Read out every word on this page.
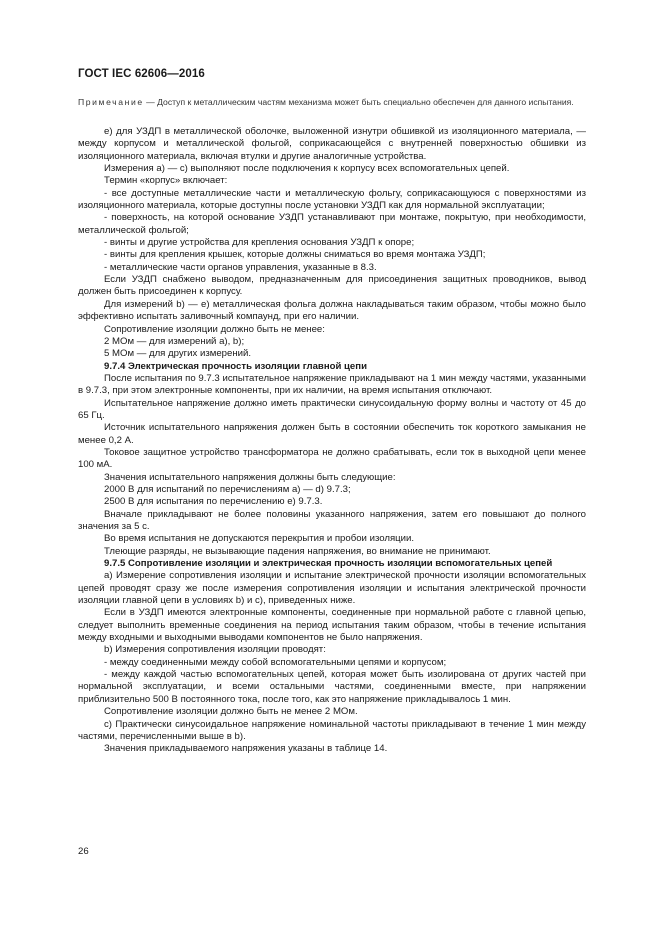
ГОСТ IEC 62606—2016
Примечание — Доступ к металлическим частям механизма может быть специально обеспечен для данного испытания.

е) для УЗДП в металлической оболочке, выложенной изнутри обшивкой из изоляционного материала, — между корпусом и металлической фольгой, соприкасающейся с внутренней поверхностью обшивки из изоляционного материала, включая втулки и другие аналогичные устройства.

Измерения а) — с) выполняют после подключения к корпусу всех вспомогательных цепей.

Термин «корпус» включает:

- все доступные металлические части и металлическую фольгу, соприкасающуюся с поверхностями из изоляционного материала, которые доступны после установки УЗДП как для нормальной эксплуатации;

- поверхность, на которой основание УЗДП устанавливают при монтаже, покрытую, при необходимости, металлической фольгой;

- винты и другие устройства для крепления основания УЗДП к опоре;

- винты для крепления крышек, которые должны сниматься во время монтажа УЗДП;

- металлические части органов управления, указанные в 8.3.

Если УЗДП снабжено выводом, предназначенным для присоединения защитных проводников, вывод должен быть присоединен к корпусу.

Для измерений b) — е) металлическая фольга должна накладываться таким образом, чтобы можно было эффективно испытать заливочный компаунд, при его наличии.

Сопротивление изоляции должно быть не менее:

2 МОм — для измерений а), b);

5 МОм — для других измерений.

9.7.4 Электрическая прочность изоляции главной цепи

После испытания по 9.7.3 испытательное напряжение прикладывают на 1 мин между частями, указанными в 9.7.3, при этом электронные компоненты, при их наличии, на время испытания отключают.

Испытательное напряжение должно иметь практически синусоидальную форму волны и частоту от 45 до 65 Гц.

Источник испытательного напряжения должен быть в состоянии обеспечить ток короткого замыкания не менее 0,2 А.

Токовое защитное устройство трансформатора не должно срабатывать, если ток в выходной цепи менее 100 мА.

Значения испытательного напряжения должны быть следующие:

2000 В для испытаний по перечислениям а) — d) 9.7.3;

2500 В для испытания по перечислению е) 9.7.3.

Вначале прикладывают не более половины указанного напряжения, затем его повышают до полного значения за 5 с.

Во время испытания не допускаются перекрытия и пробои изоляции.

Тлеющие разряды, не вызывающие падения напряжения, во внимание не принимают.

9.7.5 Сопротивление изоляции и электрическая прочность изоляции вспомогательных цепей

а) Измерение сопротивления изоляции и испытание электрической прочности изоляции вспомогательных цепей проводят сразу же после измерения сопротивления изоляции и испытания электрической прочности изоляции главной цепи в условиях b) и с), приведенных ниже.

Если в УЗДП имеются электронные компоненты, соединенные при нормальной работе с главной цепью, следует выполнить временные соединения на период испытания таким образом, чтобы в течение испытания между входными и выходными выводами компонентов не было напряжения.

b) Измерения сопротивления изоляции проводят:

- между соединенными между собой вспомогательными цепями и корпусом;

- между каждой частью вспомогательных цепей, которая может быть изолирована от других частей при нормальной эксплуатации, и всеми остальными частями, соединенными вместе, при напряжении приблизительно 500 В постоянного тока, после того, как это напряжение прикладывалось 1 мин.

Сопротивление изоляции должно быть не менее 2 МОм.

с) Практически синусоидальное напряжение номинальной частоты прикладывают в течение 1 мин между частями, перечисленными выше в b).

Значения прикладываемого напряжения указаны в таблице 14.

26
